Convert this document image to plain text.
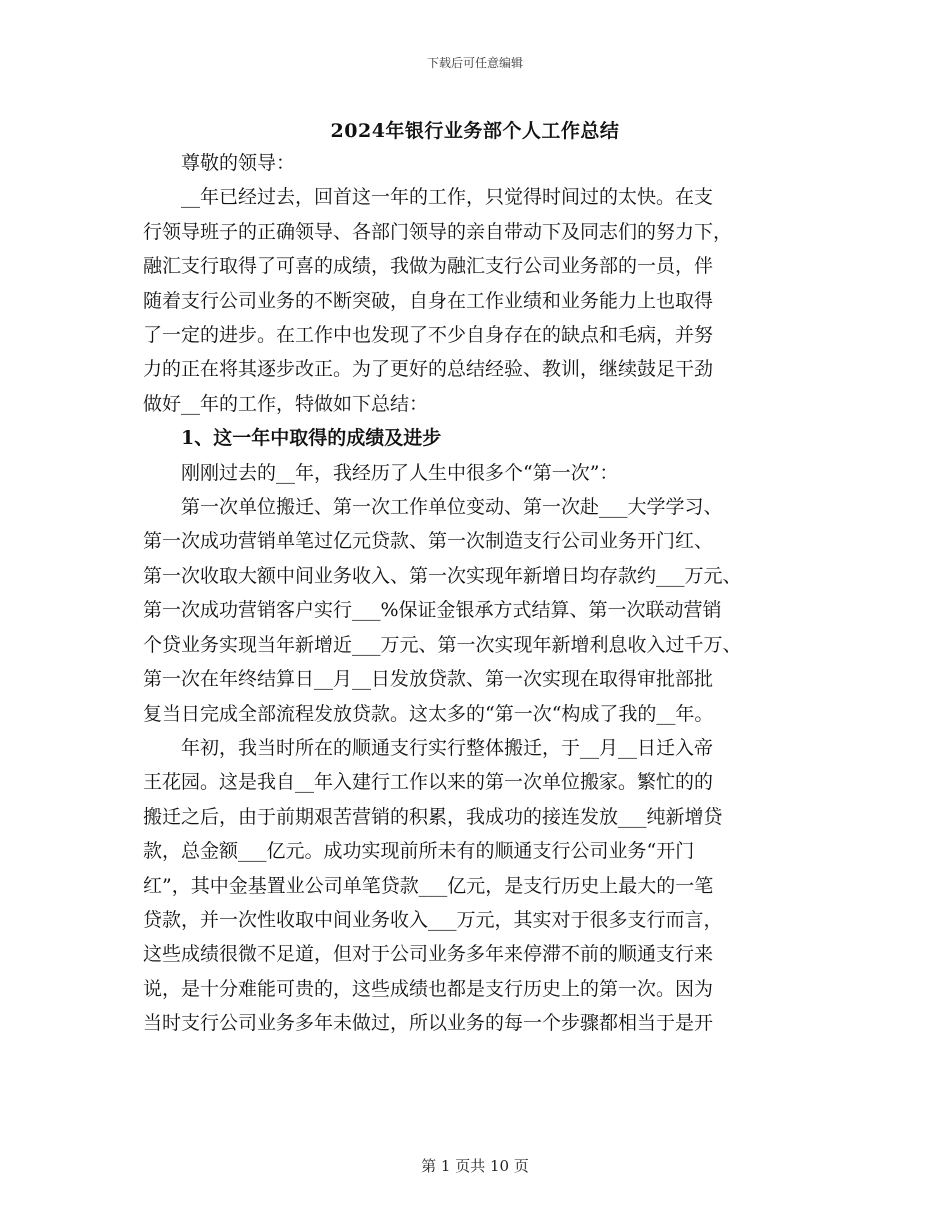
下载后可任意编辑
2024年银行业务部个人工作总结

尊敬的领导：

__年已经过去，回首这一年的工作，只觉得时间过的太快。在支
行领导班子的正确领导、各部门领导的亲自带动下及同志们的努力下，
融汇支行取得了可喜的成绩，我做为融汇支行公司业务部的一员，伴
随着支行公司业务的不断突破，自身在工作业绩和业务能力上也取得
了一定的进步。在工作中也发现了不少自身存在的缺点和毛病，并努
力的正在将其逐步改正。为了更好的总结经验、教训，继续鼓足干劲
做好__年的工作，特做如下总结：

1、这一年中取得的成绩及进步

刚刚过去的__年，我经历了人生中很多个“第一次”：

第一次单位搬迁、第一次工作单位变动、第一次赴___大学学习、
第一次成功营销单笔过亿元贷款、第一次制造支行公司业务开门红、
第一次收取大额中间业务收入、第一次实现年新增日均存款约___万元、
第一次成功营销客户实行___%保证金银承方式结算、第一次联动营销
个贷业务实现当年新增近___万元、第一次实现年新增利息收入过千万、
第一次在年终结算日__月__日发放贷款、第一次实现在取得审批部批
复当日完成全部流程发放贷款。这太多的“第一次“构成了我的__年。

年初，我当时所在的顺通支行实行整体搬迁，于__月__日迁入帝
王花园。这是我自__年入建行工作以来的第一次单位搬家。繁忙的的
搬迁之后，由于前期艰苦营销的积累，我成功的接连发放___纯新增贷
款，总金额___亿元。成功实现前所未有的顺通支行公司业务“开门
红”，其中金基置业公司单笔贷款___亿元，是支行历史上最大的一笔
贷款，并一次性收取中间业务收入___万元，其实对于很多支行而言，
这些成绩很微不足道，但对于公司业务多年来停滞不前的顺通支行来
说，是十分难能可贵的，这些成绩也都是支行历史上的第一次。因为
当时支行公司业务多年未做过，所以业务的每一个步骤都相当于是开

第 1 页共 10 页
